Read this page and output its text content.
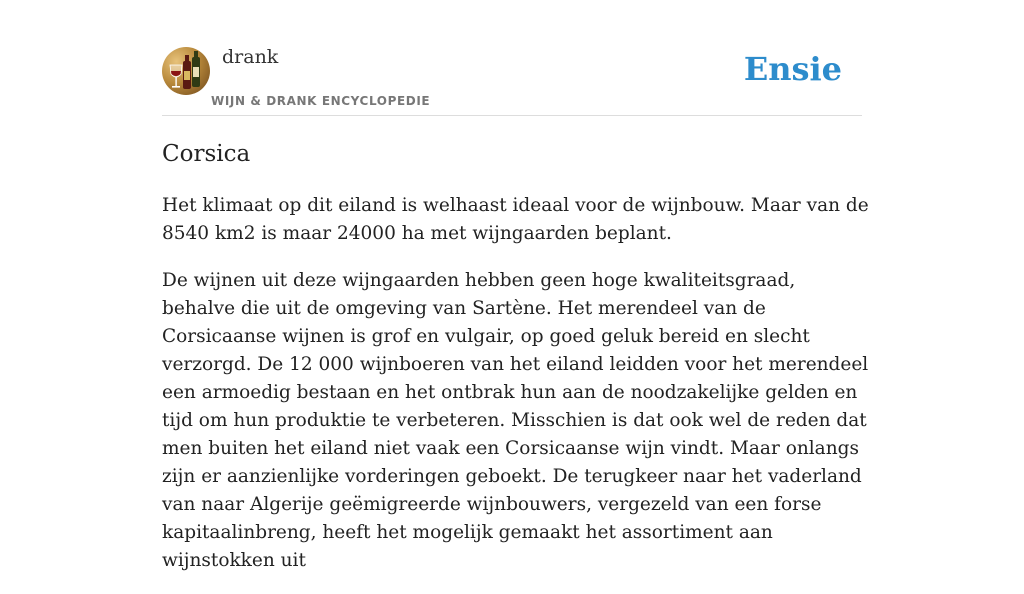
drank
WIJN & DRANK ENCYCLOPEDIE
Ensie
Corsica

Het klimaat op dit eiland is welhaast ideaal voor de wijnbouw. Maar van de 8540 km2 is maar 24000 ha met wijngaarden beplant.

De wijnen uit deze wijngaarden hebben geen hoge kwaliteitsgraad, behalve die uit de omgeving van Sartène. Het merendeel van de Corsicaanse wijnen is grof en vulgair, op goed geluk bereid en slecht verzorgd. De 12 000 wijnboeren van het eiland leidden voor het merendeel een armoedig bestaan en het ontbrak hun aan de noodzakelijke gelden en tijd om hun produktie te verbeteren. Misschien is dat ook wel de reden dat men buiten het eiland niet vaak een Corsicaanse wijn vindt. Maar onlangs zijn er aanzienlijke vorderingen geboekt. De terugkeer naar het vaderland van naar Algerije geëmigreerde wijnbouwers, vergezeld van een forse kapitaalinbreng, heeft het mogelijk gemaakt het assortiment aan wijnstokken uit
